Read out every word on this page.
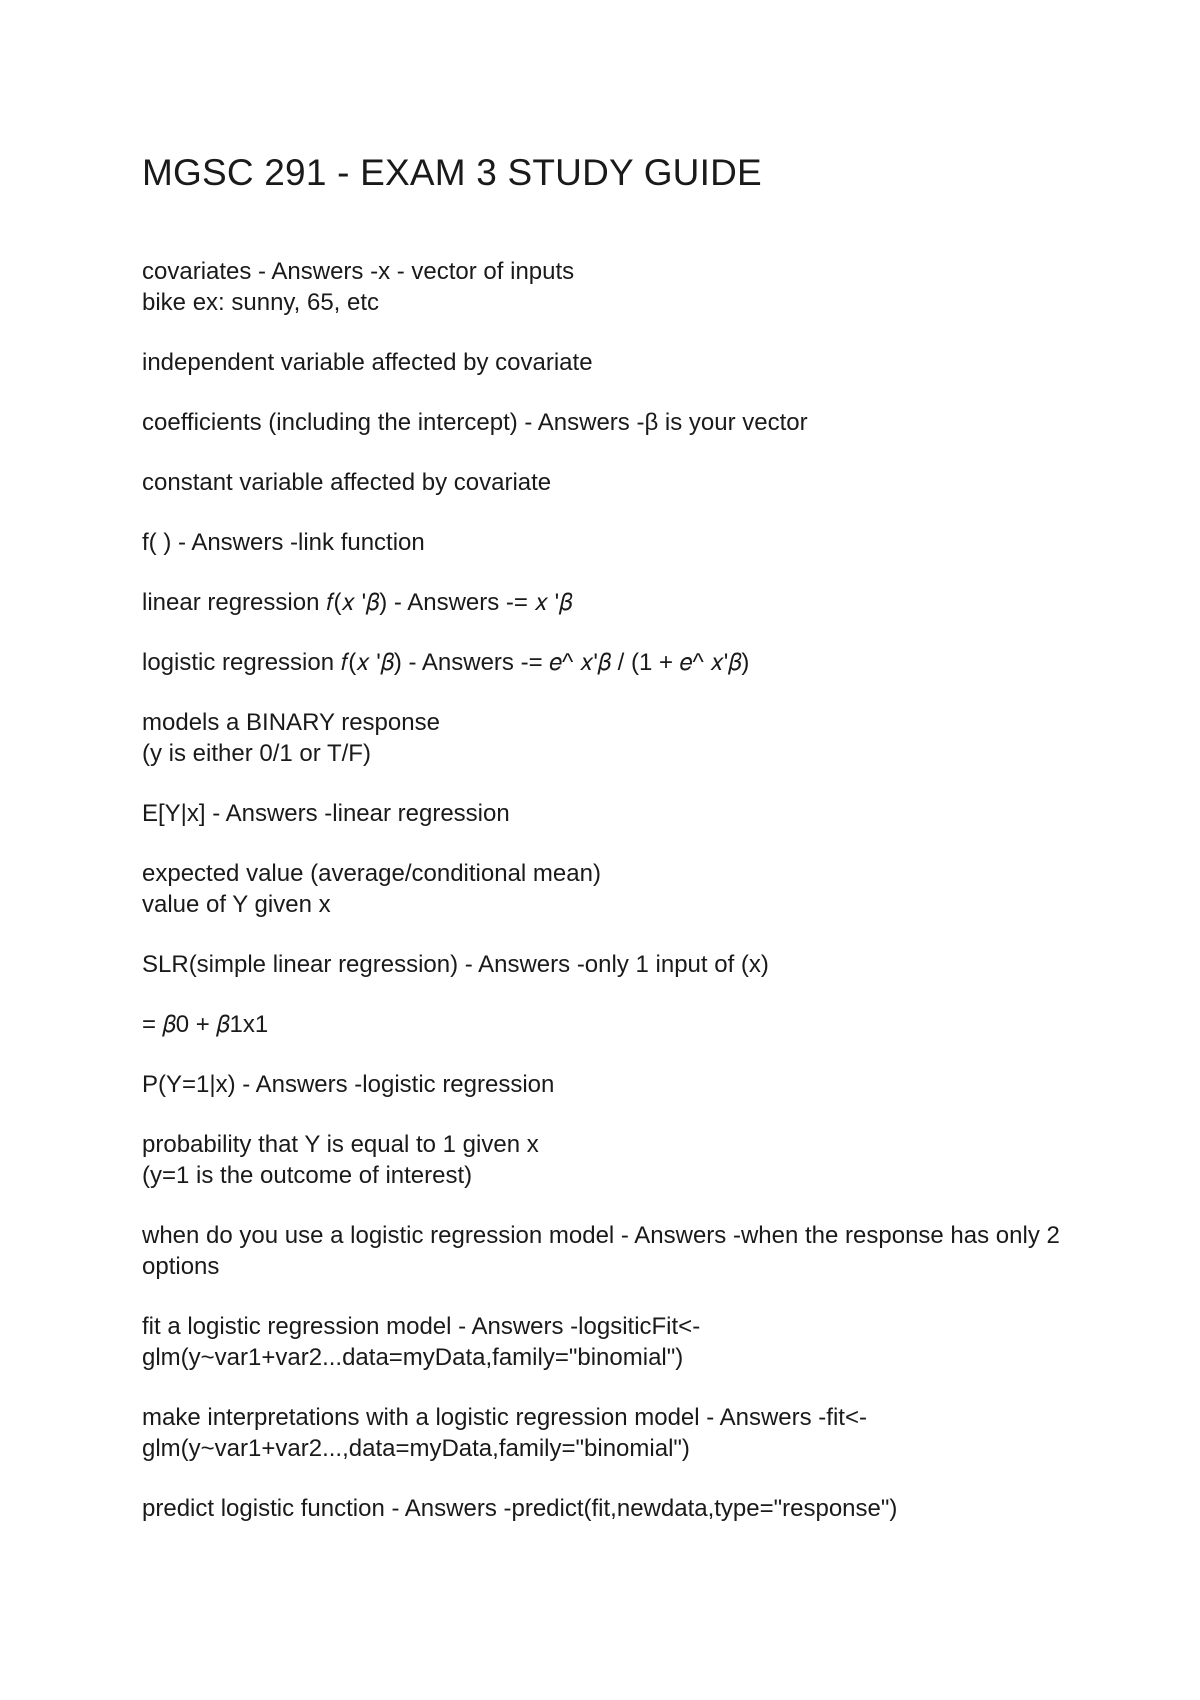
MGSC 291 - EXAM 3 STUDY GUIDE
covariates - Answers -x - vector of inputs
bike ex: sunny, 65, etc
independent variable affected by covariate
coefficients (including the intercept) - Answers -β is your vector
constant variable affected by covariate
f( ) - Answers -link function
linear regression 𝑓(𝑥 '𝛽) - Answers -= 𝑥 '𝛽
logistic regression 𝑓(𝑥 '𝛽) - Answers -= 𝑒^ 𝑥'𝛽 / (1 + 𝑒^ 𝑥'𝛽)
models a BINARY response
(y is either 0/1 or T/F)
E[Y|x] - Answers -linear regression
expected value (average/conditional mean)
value of Y given x
SLR(simple linear regression) - Answers -only 1 input of (x)
= 𝛽0 + 𝛽1x1
P(Y=1|x) - Answers -logistic regression
probability that Y is equal to 1 given x
(y=1 is the outcome of interest)
when do you use a logistic regression model - Answers -when the response has only 2
options
fit a logistic regression model - Answers -logsiticFit<-
glm(y~var1+var2...data=myData,family="binomial")
make interpretations with a logistic regression model - Answers -fit<-
glm(y~var1+var2...,data=myData,family="binomial")
predict logistic function - Answers -predict(fit,newdata,type="response")
